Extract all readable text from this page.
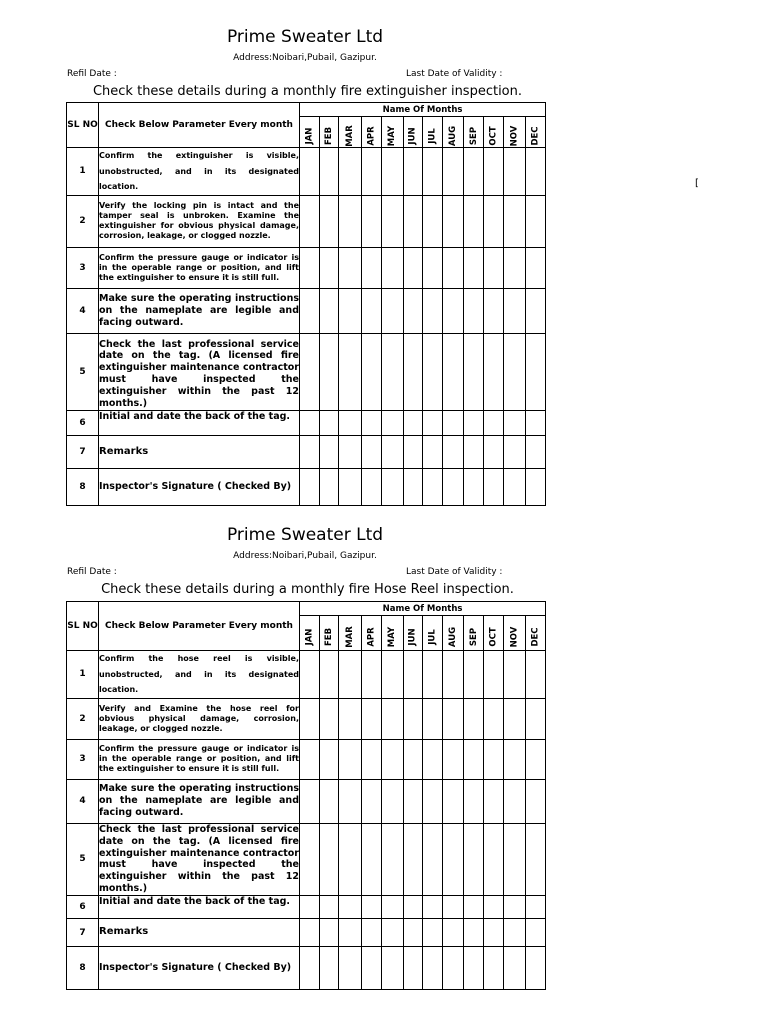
[
Prime Sweater Ltd
Address:Noibari,Pubail, Gazipur.
Refil Date :	Last Date of Validity :
Check these details during a monthly fire extinguisher inspection.
SL NO	Check Below Parameter Every month	Name Of Months											
		JAN	FEB	MAR	APR	MAY	JUN	JUL	AUG	SEP	OCT	NOV	DEC
1	Confirm the extinguisher is visible, unobstructed, and in its designated location.												
2	Verify the locking pin is intact and the tamper seal is unbroken. Examine the extinguisher for obvious physical damage, corrosion, leakage, or clogged nozzle.												
3	Confirm the pressure gauge or indicator is in the operable range or position, and lift the extinguisher to ensure it is still full.												
4	Make sure the operating instructions on the nameplate are legible and facing outward.												
5	Check the last professional service date on the tag. (A licensed fire extinguisher maintenance contractor must have inspected the extinguisher within the past 12 months.)												
6	Initial and date the back of the tag.												
7	Remarks												
8	Inspector's Signature ( Checked By)												
Prime Sweater Ltd
Address:Noibari,Pubail, Gazipur.
Refil Date :	Last Date of Validity :
Check these details during a monthly fire Hose Reel inspection.
SL NO	Check Below Parameter Every month	Name Of Months											
		JAN	FEB	MAR	APR	MAY	JUN	JUL	AUG	SEP	OCT	NOV	DEC
1	Confirm the hose reel is visible, unobstructed, and in its designated location.												
2	Verify and Examine the hose reel for obvious physical damage, corrosion, leakage, or clogged nozzle.												
3	Confirm the pressure gauge or indicator is in the operable range or position, and lift the extinguisher to ensure it is still full.												
4	Make sure the operating instructions on the nameplate are legible and facing outward.												
5	Check the last professional service date on the tag. (A licensed fire extinguisher maintenance contractor must have inspected the extinguisher within the past 12 months.)												
6	Initial and date the back of the tag.												
7	Remarks												
8	Inspector's Signature ( Checked By)												
